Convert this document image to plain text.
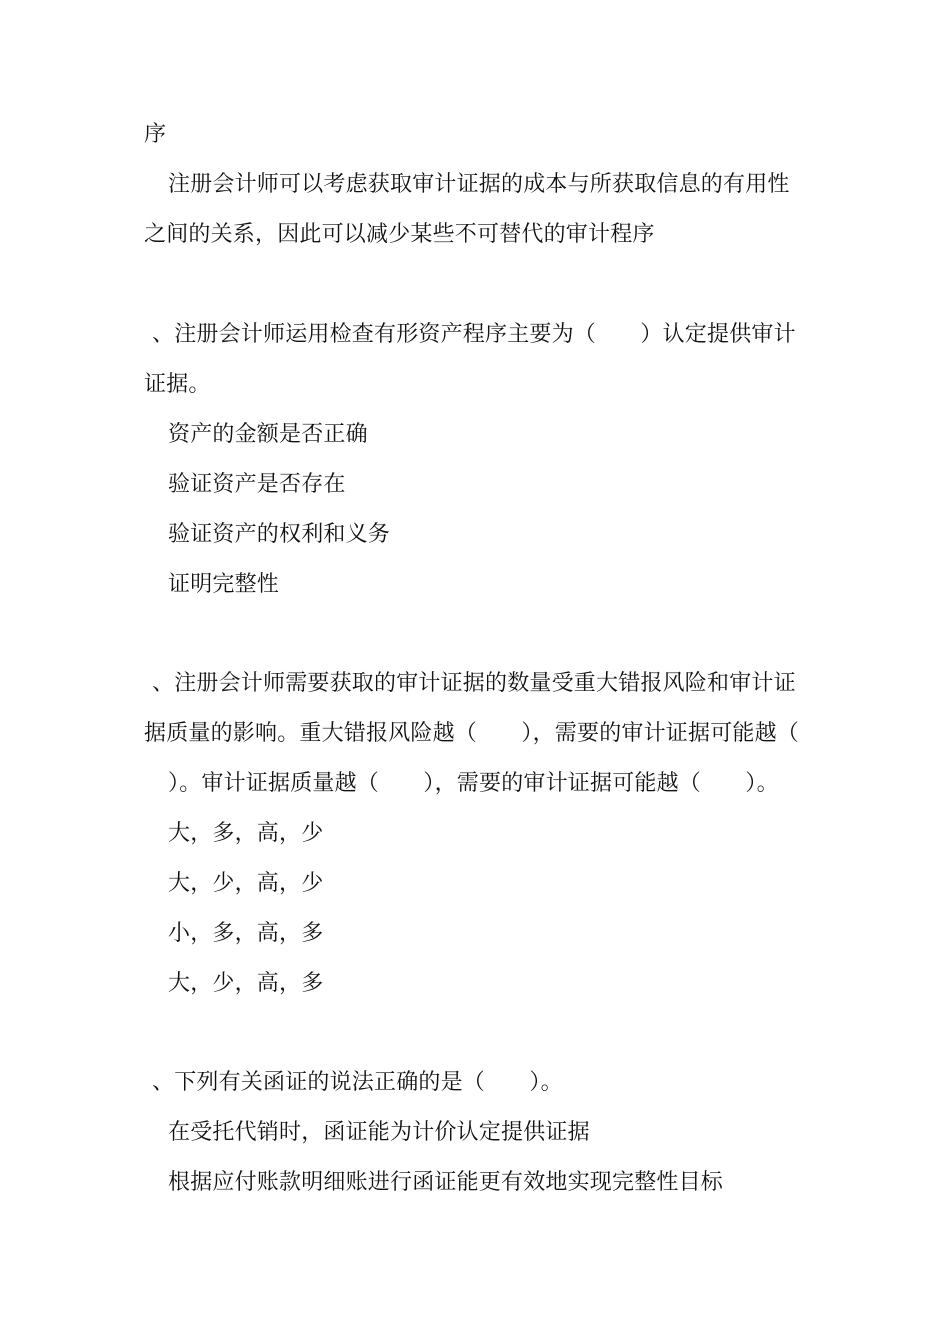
序
注册会计师可以考虑获取审计证据的成本与所获取信息的有用性
之间的关系，因此可以减少某些不可替代的审计程序
、注册会计师运用检查有形资产程序主要为（　　）认定提供审计
证据。
资产的金额是否正确
验证资产是否存在
验证资产的权利和义务
证明完整性
、注册会计师需要获取的审计证据的数量受重大错报风险和审计证
据质量的影响。重大错报风险越（　　），需要的审计证据可能越（
）。审计证据质量越（　　），需要的审计证据可能越（　　）。
大，多，高，少
大，少，高，少
小，多，高，多
大，少，高，多
、下列有关函证的说法正确的是（　　）。
在受托代销时，函证能为计价认定提供证据
根据应付账款明细账进行函证能更有效地实现完整性目标
